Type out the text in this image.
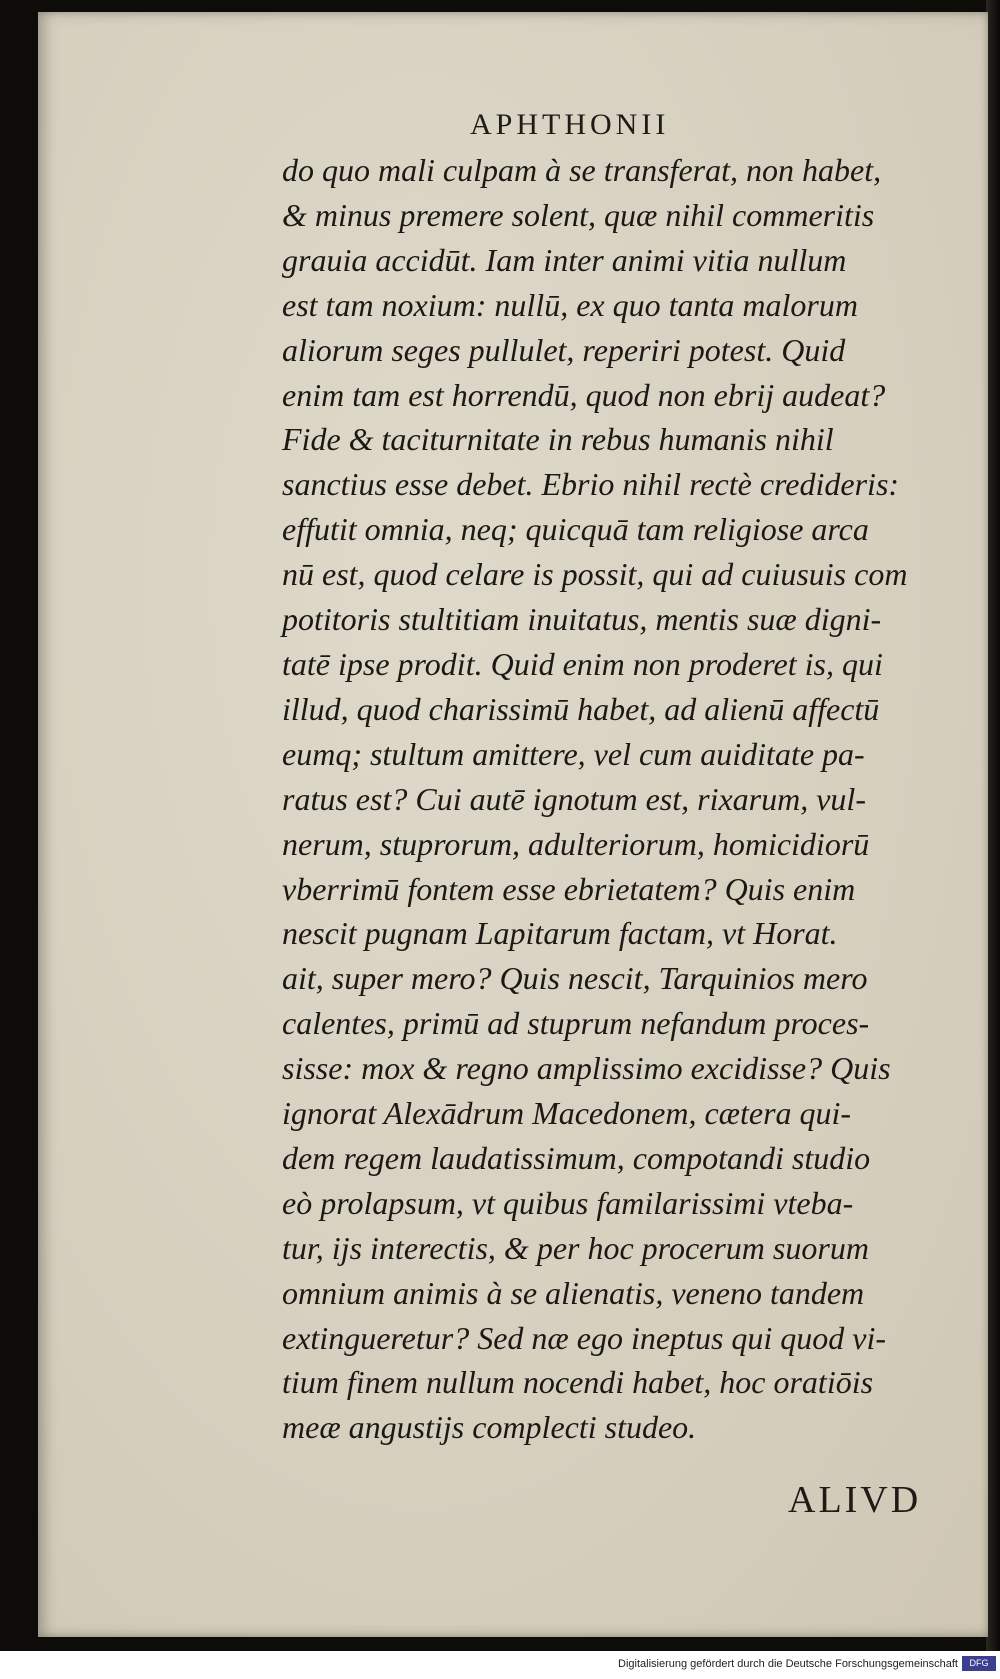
APHTHONII
do quo mali culpam à se transferat, non habet,
& minus premere solent, quæ nihil commeritis
grauia accidūt. Iam inter animi vitia nullum
est tam noxium: nullū, ex quo tanta malorum
aliorum seges pullulet, reperiri potest. Quid
enim tam est horrendū, quod non ebrij audeat?
Fide & taciturnitate in rebus humanis nihil
sanctius esse debet. Ebrio nihil rectè credideris:
effutit omnia, neq; quicquā tam religiose arca
nū est, quod celare is possit, qui ad cuiusuis com
potitoris stultitiam inuitatus, mentis suæ digni-
tatē ipse prodit. Quid enim non proderet is, qui
illud, quod charissimū habet, ad alienū affectū
eumq; stultum amittere, vel cum auiditate pa-
ratus est? Cui autē ignotum est, rixarum, vul-
nerum, stuprorum, adulteriorum, homicidiorū
vberrimū fontem esse ebrietatem? Quis enim
nescit pugnam Lapitarum factam, vt Horat.
ait, super mero? Quis nescit, Tarquinios mero
calentes, primū ad stuprum nefandum proces-
sisse: mox & regno amplissimo excidisse? Quis
ignorat Alexādrum Macedonem, cætera qui-
dem regem laudatissimum, compotandi studio
eò prolapsum, vt quibus familarissimi vteba-
tur, ijs interectis, & per hoc procerum suorum
omnium animis à se alienatis, veneno tandem
extingueretur? Sed næ ego ineptus qui quod vi-
tium finem nullum nocendi habet, hoc oratiōis
meæ angustijs complecti studeo.
ALIVD
Digitalisierung gefördert durch die Deutsche Forschungsgemeinschaft	DFG
